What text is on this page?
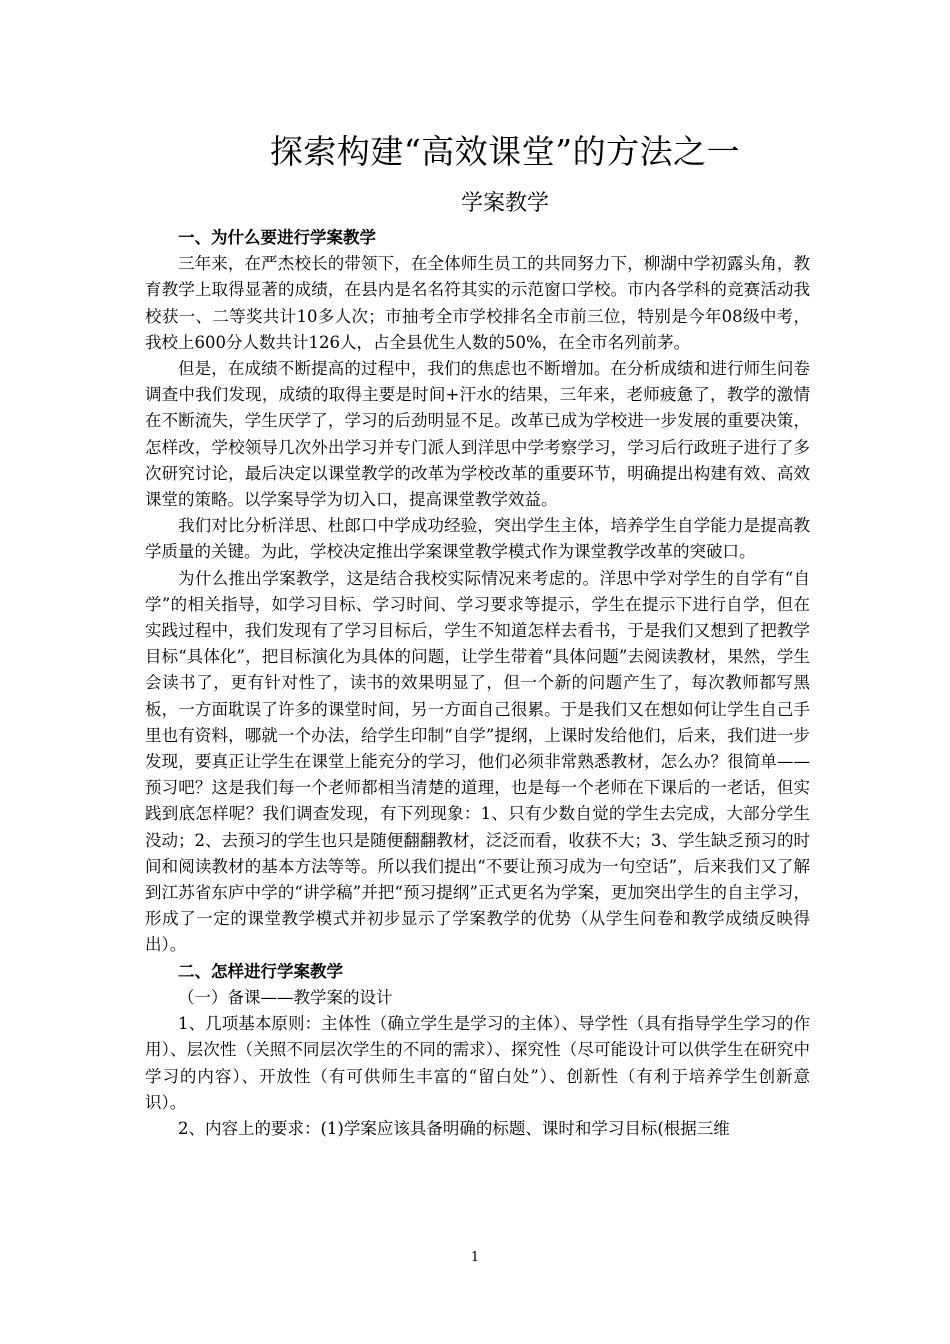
探索构建“高效课堂”的方法之一
学案教学

一、为什么要进行学案教学

三年来，在严杰校长的带领下，在全体师生员工的共同努力下，柳湖中学初露头角，教育教学上取得显著的成绩，在县内是名名符其实的示范窗口学校。市内各学科的竞赛活动我校获一、二等奖共计10多人次；市抽考全市学校排名全市前三位，特别是今年08级中考，我校上600分人数共计126人，占全县优生人数的50%，在全市名列前茅。

但是，在成绩不断提高的过程中，我们的焦虑也不断增加。在分析成绩和进行师生问卷调查中我们发现，成绩的取得主要是时间+汗水的结果，三年来，老师疲惫了，教学的激情在不断流失，学生厌学了，学习的后劲明显不足。改革已成为学校进一步发展的重要决策，怎样改，学校领导几次外出学习并专门派人到洋思中学考察学习，学习后行政班子进行了多次研究讨论，最后决定以课堂教学的改革为学校改革的重要环节，明确提出构建有效、高效课堂的策略。以学案导学为切入口，提高课堂教学效益。

我们对比分析洋思、杜郎口中学成功经验，突出学生主体，培养学生自学能力是提高教学质量的关键。为此，学校决定推出学案课堂教学模式作为课堂教学改革的突破口。

为什么推出学案教学，这是结合我校实际情况来考虑的。洋思中学对学生的自学有“自学”的相关指导，如学习目标、学习时间、学习要求等提示，学生在提示下进行自学，但在实践过程中，我们发现有了学习目标后，学生不知道怎样去看书，于是我们又想到了把教学目标“具体化”，把目标演化为具体的问题，让学生带着“具体问题”去阅读教材，果然，学生会读书了，更有针对性了，读书的效果明显了，但一个新的问题产生了，每次教师都写黑板，一方面耽误了许多的课堂时间，另一方面自己很累。于是我们又在想如何让学生自己手里也有资料，哪就一个办法，给学生印制“自学”提纲，上课时发给他们，后来，我们进一步发现，要真正让学生在课堂上能充分的学习，他们必须非常熟悉教材，怎么办？很简单——预习吧？这是我们每一个老师都相当清楚的道理，也是每一个老师在下课后的一老话，但实践到底怎样呢？我们调查发现，有下列现象：1、只有少数自觉的学生去完成，大部分学生没动；2、去预习的学生也只是随便翻翻教材，泛泛而看，收获不大；3、学生缺乏预习的时间和阅读教材的基本方法等等。所以我们提出“不要让预习成为一句空话”，后来我们又了解到江苏省东庐中学的“讲学稿”并把“预习提纲”正式更名为学案，更加突出学生的自主学习，形成了一定的课堂教学模式并初步显示了学案教学的优势（从学生问卷和教学成绩反映得出）。

二、怎样进行学案教学

（一）备课——教学案的设计

1、几项基本原则：主体性（确立学生是学习的主体）、导学性（具有指导学生学习的作用）、层次性（关照不同层次学生的不同的需求）、探究性（尽可能设计可以供学生在研究中学习的内容）、开放性（有可供师生丰富的“留白处”）、创新性（有利于培养学生创新意识）。

2、内容上的要求：(1)学案应该具备明确的标题、课时和学习目标(根据三维

1
